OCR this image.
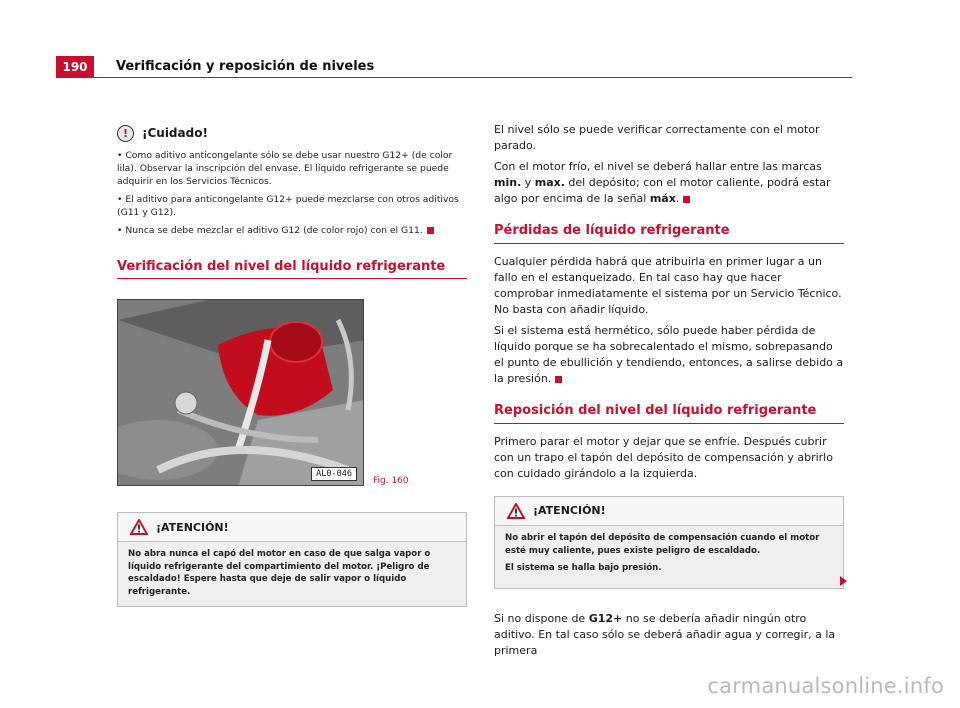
190	Verificación y reposición de niveles
!	¡Cuidado!

• Como aditivo anticongelante sólo se debe usar nuestro G12+ (de color lila). Observar la inscripción del envase. El líquido refrigerante se puede adquirir en los Servicios Técnicos.

• El aditivo para anticongelante G12+ puede mezclarse con otros aditivos (G11 y G12).

• Nunca se debe mezclar el aditivo G12 (de color rojo) con el G11.

Verificación del nivel del líquido refrigerante
AL0-046
Fig. 160
¡ATENCIÓN!

No abra nunca el capó del motor en caso de que salga vapor o líquido refrigerante del compartimiento del motor. ¡Peligro de escaldado! Espere hasta que deje de salir vapor o líquido refrigerante.

El nivel sólo se puede verificar correctamente con el motor parado.

Con el motor frío, el nivel se deberá hallar entre las marcas min. y max. del depósito; con el motor caliente, podrá estar algo por encima de la señal máx.

Pérdidas de líquido refrigerante

Cualquier pérdida habrá que atribuirla en primer lugar a un fallo en el estanqueizado. En tal caso hay que hacer comprobar inmediatamente el sistema por un Servicio Técnico. No basta con añadir líquido.

Si el sistema está hermético, sólo puede haber pérdida de líquido porque se ha sobrecalentado el mismo, sobrepasando el punto de ebullición y tendiendo, entonces, a salirse debido a la presión.

Reposición del nivel del líquido refrigerante

Primero parar el motor y dejar que se enfríe. Después cubrir con un trapo el tapón del depósito de compensación y abrirlo con cuidado girándolo a la izquierda.

¡ATENCIÓN!

No abrir el tapón del depósito de compensación cuando el motor esté muy caliente, pues existe peligro de escaldado.

El sistema se halla bajo presión.

Si no dispone de G12+ no se debería añadir ningún otro aditivo. En tal caso sólo se deberá añadir agua y corregir, a la primera

carmanualsonline.info
